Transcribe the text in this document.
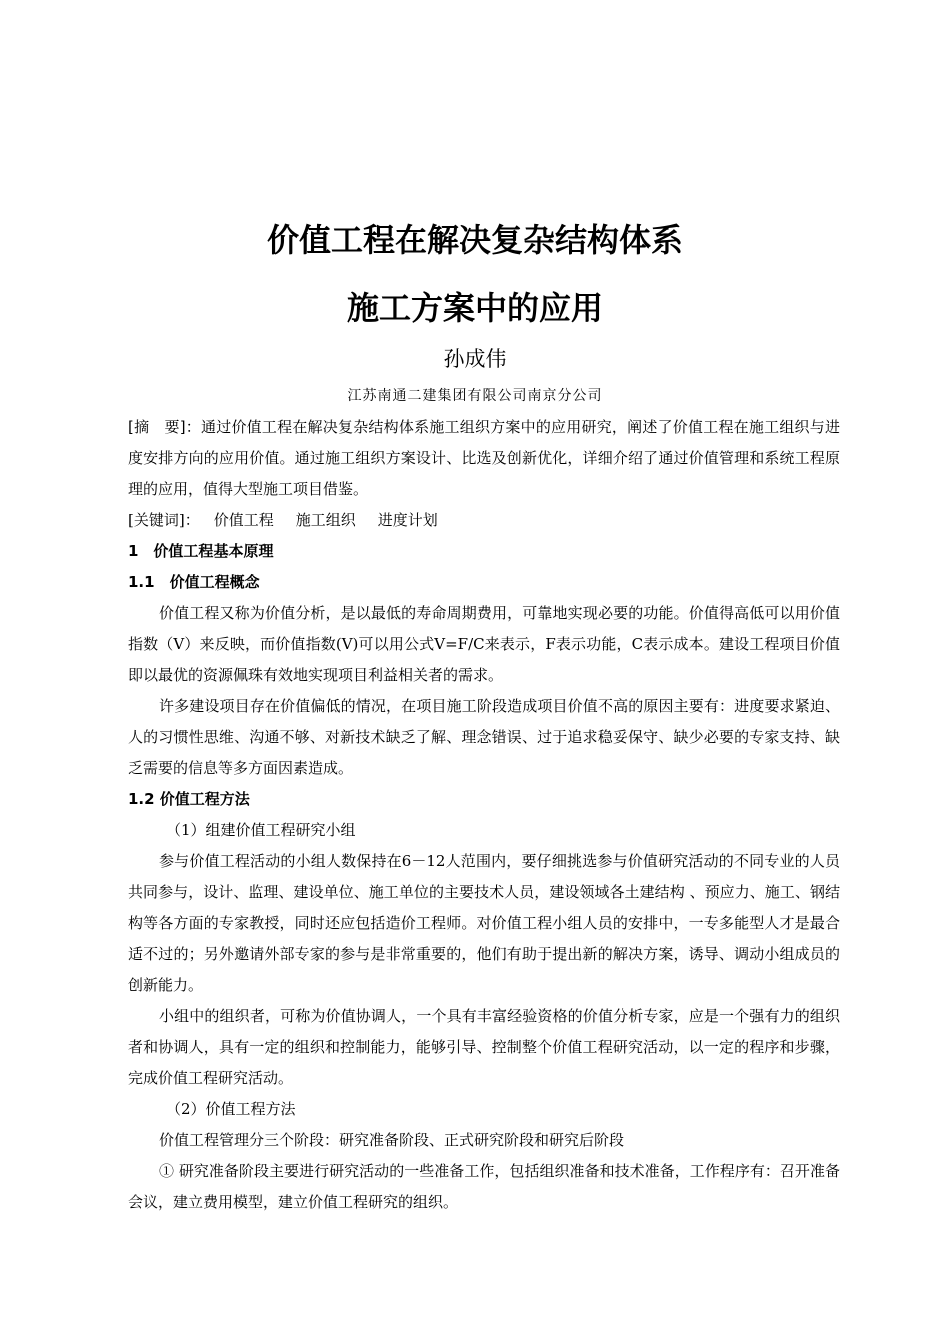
价值工程在解决复杂结构体系
施工方案中的应用
孙成伟
江苏南通二建集团有限公司南京分公司

[摘　要]：通过价值工程在解决复杂结构体系施工组织方案中的应用研究，阐述了价值工程在施工组织与进度安排方向的应用价值。通过施工组织方案设计、比选及创新优化，详细介绍了通过价值管理和系统工程原理的应用，值得大型施工项目借鉴。

[关键词]： 价值工程 施工组织 进度计划

1　价值工程基本原理

1.1　价值工程概念

价值工程又称为价值分析，是以最低的寿命周期费用，可靠地实现必要的功能。价值得高低可以用价值指数（V）来反映，而价值指数(V)可以用公式V=F/C来表示，F表示功能，C表示成本。建设工程项目价值即以最优的资源佩珠有效地实现项目利益相关者的需求。

许多建设项目存在价值偏低的情况，在项目施工阶段造成项目价值不高的原因主要有：进度要求紧迫、人的习惯性思维、沟通不够、对新技术缺乏了解、理念错误、过于追求稳妥保守、缺少必要的专家支持、缺乏需要的信息等多方面因素造成。

1.2 价值工程方法

（1）组建价值工程研究小组

参与价值工程活动的小组人数保持在6－12人范围内，要仔细挑选参与价值研究活动的不同专业的人员共同参与，设计、监理、建设单位、施工单位的主要技术人员，建设领域各土建结构 、预应力、施工、钢结构等各方面的专家教授，同时还应包括造价工程师。对价值工程小组人员的安排中，一专多能型人才是最合适不过的；另外邀请外部专家的参与是非常重要的，他们有助于提出新的解决方案，诱导、调动小组成员的创新能力。

小组中的组织者，可称为价值协调人，一个具有丰富经验资格的价值分析专家，应是一个强有力的组织者和协调人，具有一定的组织和控制能力，能够引导、控制整个价值工程研究活动，以一定的程序和步骤，完成价值工程研究活动。

（2）价值工程方法

价值工程管理分三个阶段：研究准备阶段、正式研究阶段和研究后阶段

① 研究准备阶段主要进行研究活动的一些准备工作，包括组织准备和技术准备，工作程序有：召开准备会议，建立费用模型，建立价值工程研究的组织。
